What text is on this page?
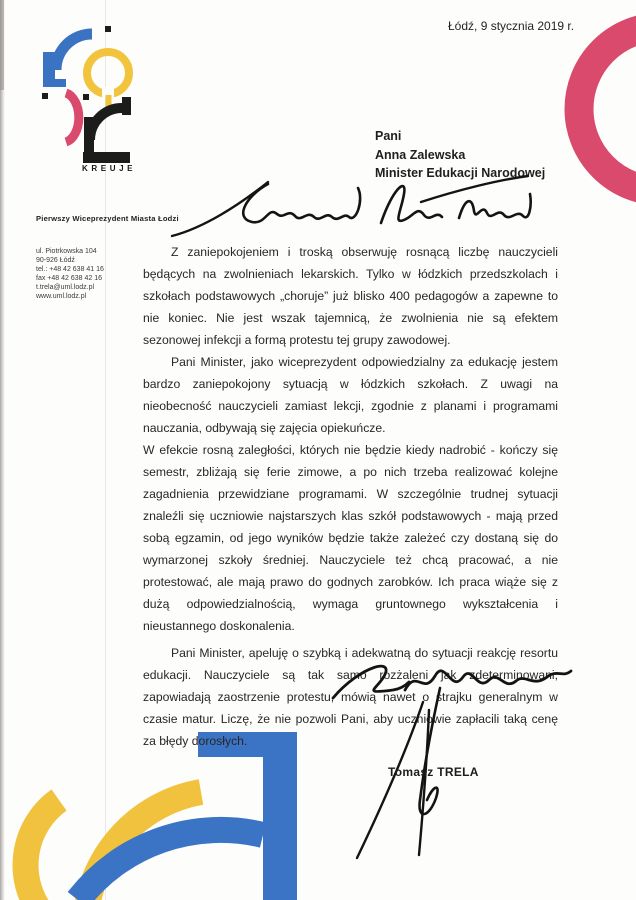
KREUJE
Pierwszy Wiceprezydent Miasta Łodzi
ul. Piotrkowska 104
90-926 Łódź
tel.: +48 42 638 41 16
fax +48 42 638 42 16
t.trela@uml.lodz.pl
www.uml.lodz.pl
Łódź, 9 stycznia 2019 r.
Pani
Anna Zalewska
Minister Edukacji Narodowej

Z zaniepokojeniem i troską obserwuję rosnącą liczbę nauczycieli będących na zwolnieniach lekarskich. Tylko w łódzkich przedszkolach i szkołach podstawowych „choruje” już blisko 400 pedagogów a zapewne to nie koniec. Nie jest wszak tajemnicą, że zwolnienia nie są efektem sezonowej infekcji a formą protestu tej grupy zawodowej.

Pani Minister, jako wiceprezydent odpowiedzialny za edukację jestem bardzo zaniepokojony sytuacją w łódzkich szkołach. Z uwagi na nieobecność nauczycieli zamiast lekcji, zgodnie z planami i programami nauczania, odbywają się zajęcia opiekuńcze.

W efekcie rosną zaległości, których nie będzie kiedy nadrobić - kończy się semestr, zbliżają się ferie zimowe, a po nich trzeba realizować kolejne zagadnienia przewidziane programami. W szczególnie trudnej sytuacji znaleźli się uczniowie najstarszych klas szkół podstawowych - mają przed sobą egzamin, od jego wyników będzie także zależeć czy dostaną się do wymarzonej szkoły średniej. Nauczyciele też chcą pracować, a nie protestować, ale mają prawo do godnych zarobków. Ich praca wiąże się z dużą odpowiedzialnością, wymaga gruntownego wykształcenia i nieustannego doskonalenia.

Pani Minister, apeluję o szybką i adekwatną do sytuacji reakcję resortu edukacji. Nauczyciele są tak samo rozżaleni jak zdeterminowani, zapowiadają zaostrzenie protestu, mówią nawet o strajku generalnym w czasie matur. Liczę, że nie pozwoli Pani, aby uczniowie zapłacili taką cenę za błędy dorosłych.

Tomasz TRELA
